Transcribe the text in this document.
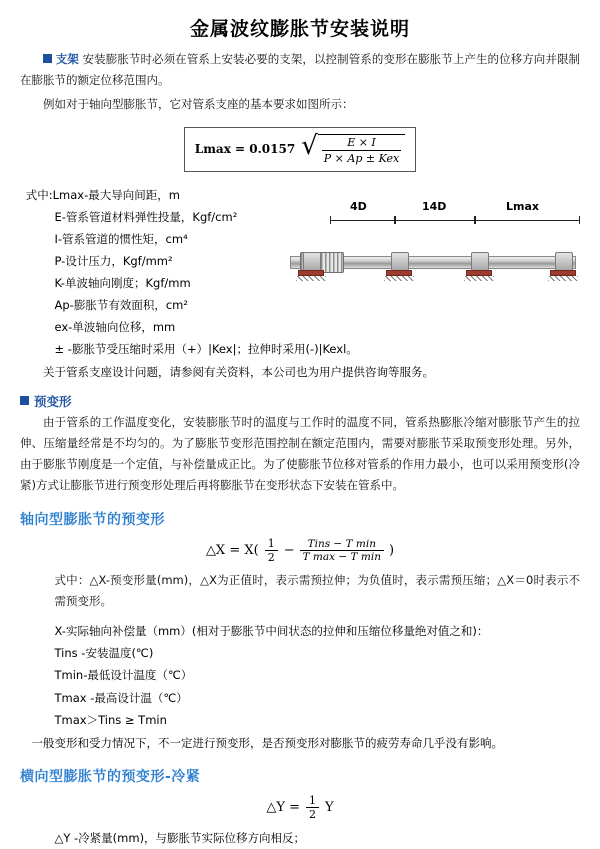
金属波纹膨胀节安装说明
支架 安装膨胀节时必须在管系上安装必要的支架，以控制管系的变形在膨胀节上产生的位移方向并限制在膨胀节的额定位移范围内。
例如对于轴向型膨胀节，它对管系支座的基本要求如图所示：
Lmax = 0.0157 √ $\frac{E \times I}{\text{P × Ap ± Kex}}$
4D	14D	Lmax
式中:Lmax-最大导向间距，m
E-管系管道材料弹性投量，Kgf/cm²
I-管系管道的惯性矩，cm⁴
P-设计压力，Kgf/mm²
K-单波轴向刚度；Kgf/mm
Ap-膨胀节有效面积，cm²
ex-单波轴向位移，mm
± -膨胀节受压缩时采用（+）|Kex|；拉伸时采用(-)|Kexl。
关于管系支座设计问题，请参阅有关资料，本公司也为用户提供咨询等服务。
预变形
由于管系的工作温度变化，安装膨胀节时的温度与工作时的温度不同，管系热膨胀冷缩对膨胀节产生的拉伸、压缩量经常是不均匀的。为了膨胀节变形范围控制在额定范围内，需要对膨胀节采取预变形处理。另外，由于膨胀节刚度是一个定值，与补偿量成正比。为了使膨胀节位移对管系的作用力最小，也可以采用预变形(冷紧)方式让膨胀节进行预变形处理后再将膨胀节在变形状态下安装在管系中。
轴向型膨胀节的预变形
△X = $X( \frac{1}{2} - \frac{\text{Tins − T min}}{\text{T max − T min}}$ )
式中：△X-预变形量(mm)，△X为正值时，表示需预拉伸；为负值时，表示需预压缩；△X＝0时表示不需预变形。
X-实际轴向补偿量（mm）(相对于膨胀节中间状态的拉伸和压缩位移量绝对值之和)：
Tins -安装温度(℃)
Tmin-最低设计温度（℃）
Tmax -最高设计温（℃）
Tmax＞Tins ≥ Tmin
一般变形和受力情况下，不一定进行预变形，是否预变形对膨胀节的疲劳寿命几乎没有影响。
横向型膨胀节的预变形-冷紧
△Y = $\frac{1}{2}$ Y
△Y -冷紧量(mm)，与膨胀节实际位移方向相反；
